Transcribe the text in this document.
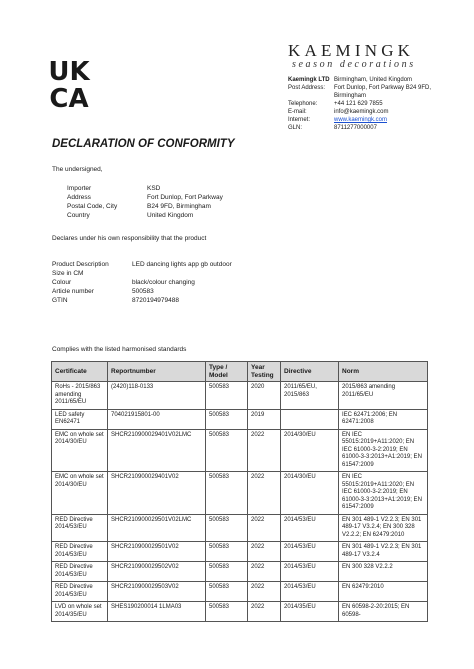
UK
CA
KAEMINGK
season decorations
Kaemingk LTD Birmingham, United Kingdom
Post Address:	Fort Dunlop, Fort Parkway B24 9FD, Birmingham
Telephone:	+44 121 629 7855
E-mail:	info@kaemingk.com
Internet:	www.kaemingk.com
GLN:	8711277000007
DECLARATION OF CONFORMITY
The undersigned,
Importer	KSD
Address	Fort Dunlop, Fort Parkway
Postal Code, City	B24 9FD, Birmingham
Country	United Kingdom
Declares under his own responsibility that the product
Product Description	LED dancing lights app gb outdoor
Size in CM
Colour	black/colour changing
Article number	500583
GTIN	8720194979488
Complies with the listed harmonised standards
Certificate	Reportnumber	Type / Model	Year Testing	Directive	Norm
RoHs - 2015/863 amending 2011/65/EU	(2420)118-0133	500583	2020	2011/65/EU, 2015/863	2015/863 amending 2011/65/EU
LED safety EN62471	704021915801-00	500583	2019		IEC 62471:2006; EN 62471:2008
EMC on whole set 2014/30/EU	SHCR210900029401V02LMC	500583	2022	2014/30/EU	EN IEC 55015:2019+A11:2020; EN IEC 61000-3-2:2019; EN 61000-3-3:2013+A1:2019; EN 61547:2009
EMC on whole set 2014/30/EU	SHCR210900029401V02	500583	2022	2014/30/EU	EN IEC 55015:2019+A11:2020; EN IEC 61000-3-2:2019; EN 61000-3-3:2013+A1:2019; EN 61547:2009
RED Directive 2014/53/EU	SHCR210900029501V02LMC	500583	2022	2014/53/EU	EN 301 489-1 V2.2.3; EN 301 489-17 V3.2.4; EN 300 328 V2.2.2; EN 62479:2010
RED Directive 2014/53/EU	SHCR210900029501V02	500583	2022	2014/53/EU	EN 301 489-1 V2.2.3; EN 301 489-17 V3.2.4
RED Directive 2014/53/EU	SHCR210900029502V02	500583	2022	2014/53/EU	EN 300 328 V2.2.2
RED Directive 2014/53/EU	SHCR210900029503V02	500583	2022	2014/53/EU	EN 62479:2010
LVD on whole set 2014/35/EU	SHES190200014 1LMA03	500583	2022	2014/35/EU	EN 60598-2-20:2015; EN 60598-
